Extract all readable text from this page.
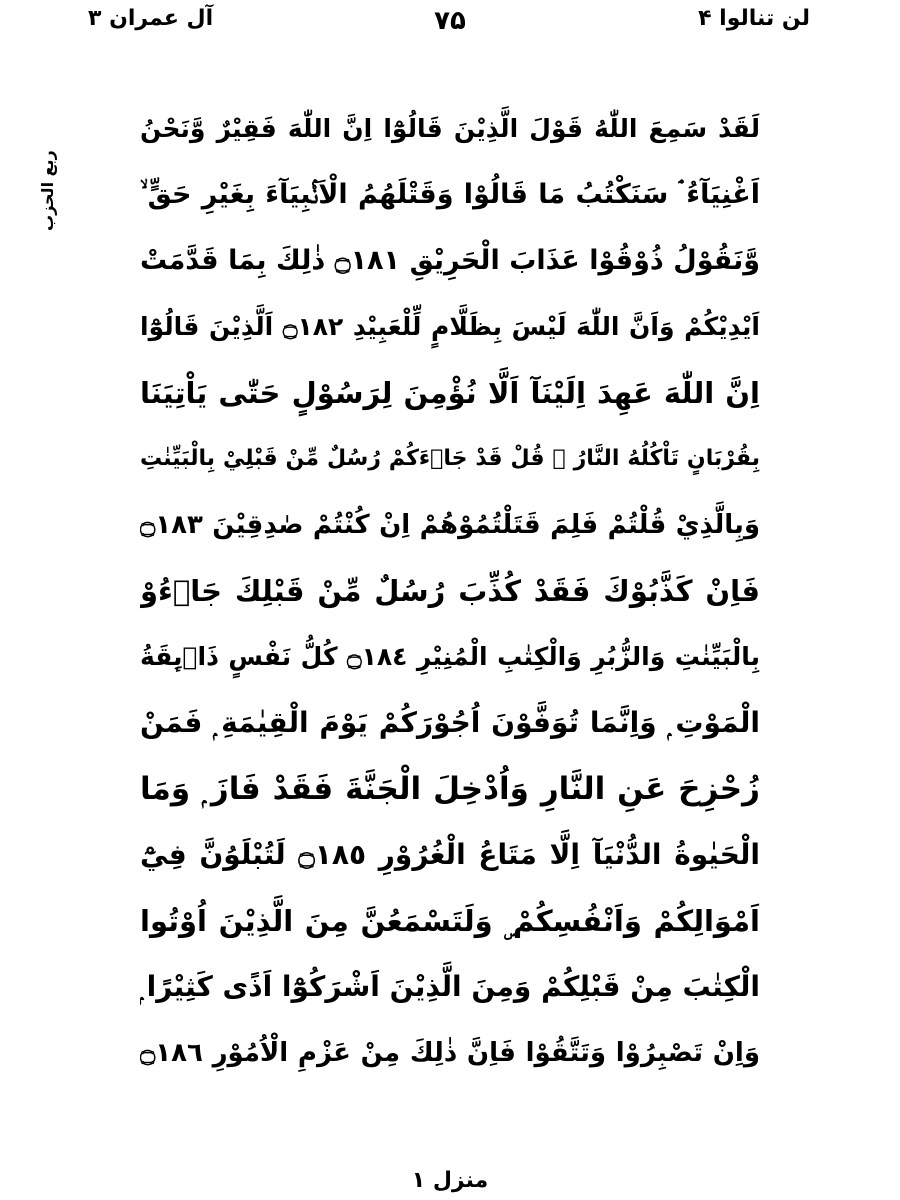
لن تنالوا ۴
۷۵
آل عمران ۳
ربع الحزب
لَقَدْ سَمِعَ اللّٰهُ قَوْلَ الَّذِيْنَ قَالُوْٓا اِنَّ اللّٰهَ فَقِيْرٌ وَّنَحْنُ
اَغْنِيَآءُ ۘ سَنَكْتُبُ مَا قَالُوْا وَقَتْلَهُمُ الْاَنْۢبِيَآءَ بِغَيْرِ حَقٍّ ۙ
وَّنَقُوْلُ ذُوْقُوْا عَذَابَ الْحَرِيْقِ ۝١٨١ ذٰلِكَ بِمَا قَدَّمَتْ
اَيْدِيْكُمْ وَاَنَّ اللّٰهَ لَيْسَ بِظَلَّامٍ لِّلْعَبِيْدِ ۝١٨٢ اَلَّذِيْنَ قَالُوْٓا
اِنَّ اللّٰهَ عَهِدَ اِلَيْنَآ اَلَّا نُؤْمِنَ لِرَسُوْلٍ حَتّٰى يَاْتِيَنَا
بِقُرْبَانٍ تَاْكُلُهُ النَّارُ ۭ قُلْ قَدْ جَاۗءَكُمْ رُسُلٌ مِّنْ قَبْلِيْ بِالْبَيِّنٰتِ
وَبِالَّذِيْ قُلْتُمْ فَلِمَ قَتَلْتُمُوْھُمْ اِنْ كُنْتُمْ صٰدِقِيْنَ ۝١٨٣
فَاِنْ كَذَّبُوْكَ فَقَدْ كُذِّبَ رُسُلٌ مِّنْ قَبْلِكَ جَاۗءُوْ
بِالْبَيِّنٰتِ وَالزُّبُرِ وَالْكِتٰبِ الْمُنِيْرِ ۝١٨٤ كُلُّ نَفْسٍ ذَاۗىِٕقَةُ
الْمَوْتِ ۭ وَاِنَّمَا تُوَفَّوْنَ اُجُوْرَكُمْ يَوْمَ الْقِيٰمَةِ ۭ فَمَنْ
زُحْزِحَ عَنِ النَّارِ وَاُدْخِلَ الْجَنَّةَ فَقَدْ فَازَ ۭ وَمَا
الْحَيٰوةُ الدُّنْيَآ اِلَّا مَتَاعُ الْغُرُوْرِ ۝١٨٥ لَتُبْلَوُنَّ فِيْٓ
اَمْوَالِكُمْ وَاَنْفُسِكُمْ ۣ وَلَتَسْمَعُنَّ مِنَ الَّذِيْنَ اُوْتُوا
الْكِتٰبَ مِنْ قَبْلِكُمْ وَمِنَ الَّذِيْنَ اَشْرَكُوْٓا اَذًى كَثِيْرًا ۭ
وَاِنْ تَصْبِرُوْا وَتَتَّقُوْا فَاِنَّ ذٰلِكَ مِنْ عَزْمِ الْاُمُوْرِ ۝١٨٦
منزل ۱
